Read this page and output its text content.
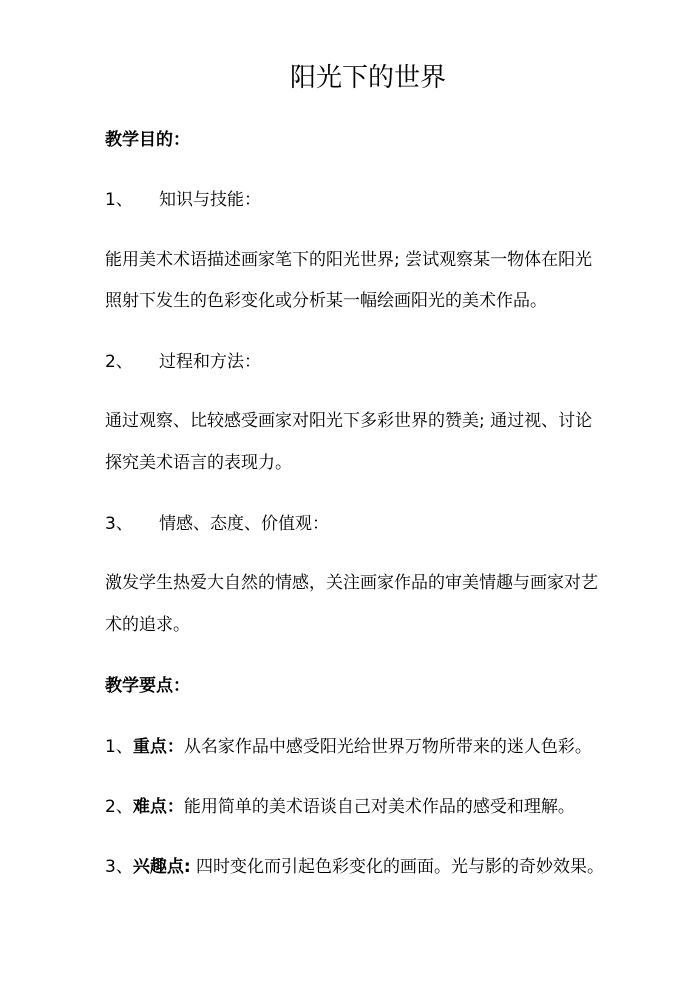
阳光下的世界
教学目的：
1、 知识与技能：
能用美术术语描述画家笔下的阳光世界; 尝试观察某一物体在阳光
照射下发生的色彩变化或分析某一幅绘画阳光的美术作品。
2、 过程和方法：
通过观察、比较感受画家对阳光下多彩世界的赞美; 通过视、讨论
探究美术语言的表现力。
3、 情感、态度、价值观：
激发学生热爱大自然的情感，关注画家作品的审美情趣与画家对艺
术的追求。
教学要点：
1、重点：从名家作品中感受阳光给世界万物所带来的迷人色彩。
2、难点：能用简单的美术语谈自己对美术作品的感受和理解。
3、兴趣点: 四时变化而引起色彩变化的画面。光与影的奇妙效果。
